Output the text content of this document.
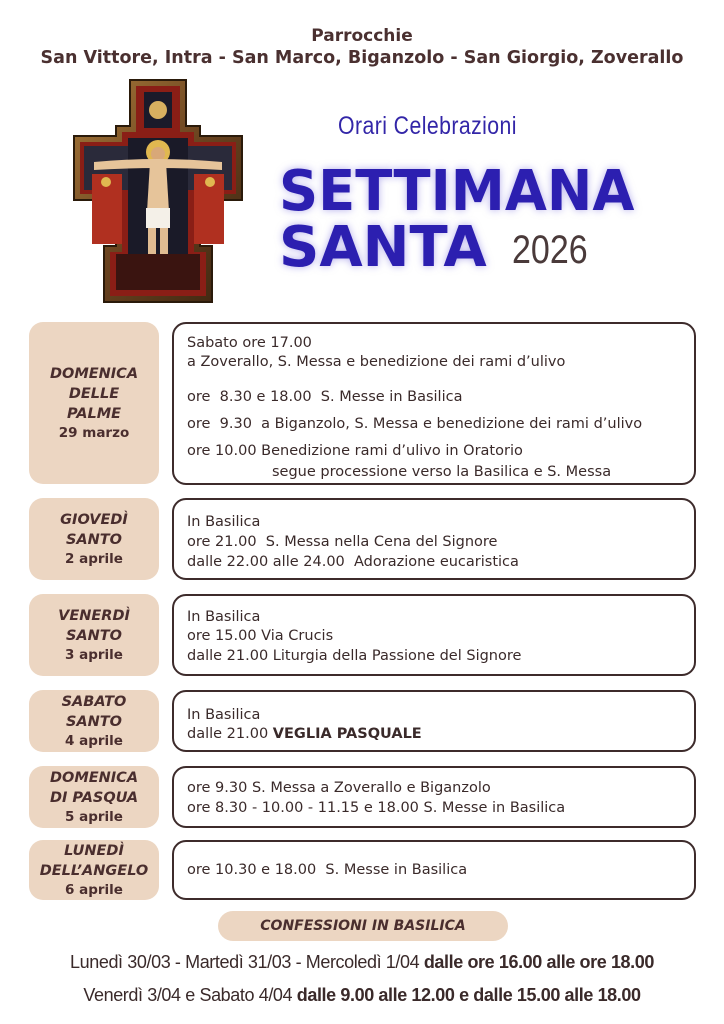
Parrocchie
San Vittore, Intra - San Marco, Biganzolo - San Giorgio, Zoverallo
Orari Celebrazioni
SETTIMANA
SANTA 2026
DOMENICA
DELLE
PALME
29 marzo
Sabato ore 17.00
a Zoverallo, S. Messa e benedizione dei rami d’ulivo
ore  8.30 e 18.00  S. Messe in Basilica
ore  9.30  a Biganzolo, S. Messa e benedizione dei rami d’ulivo
ore 10.00 Benedizione rami d’ulivo in Oratorio
segue processione verso la Basilica e S. Messa
GIOVEDÌ
SANTO
2 aprile
In Basilica
ore 21.00  S. Messa nella Cena del Signore
dalle 22.00 alle 24.00  Adorazione eucaristica
VENERDÌ
SANTO
3 aprile
In Basilica
ore 15.00 Via Crucis
dalle 21.00 Liturgia della Passione del Signore
SABATO
SANTO
4 aprile
In Basilica
dalle 21.00 VEGLIA PASQUALE
DOMENICA
DI PASQUA
5 aprile
ore 9.30 S. Messa a Zoverallo e Biganzolo
ore 8.30 - 10.00 - 11.15 e 18.00 S. Messe in Basilica
LUNEDÌ
DELL’ANGELO
6 aprile
ore 10.30 e 18.00  S. Messe in Basilica
CONFESSIONI IN BASILICA
Lunedì 30/03 - Martedì 31/03 - Mercoledì 1/04 dalle ore 16.00 alle ore 18.00
Venerdì 3/04 e Sabato 4/04 dalle 9.00 alle 12.00 e dalle 15.00 alle 18.00
